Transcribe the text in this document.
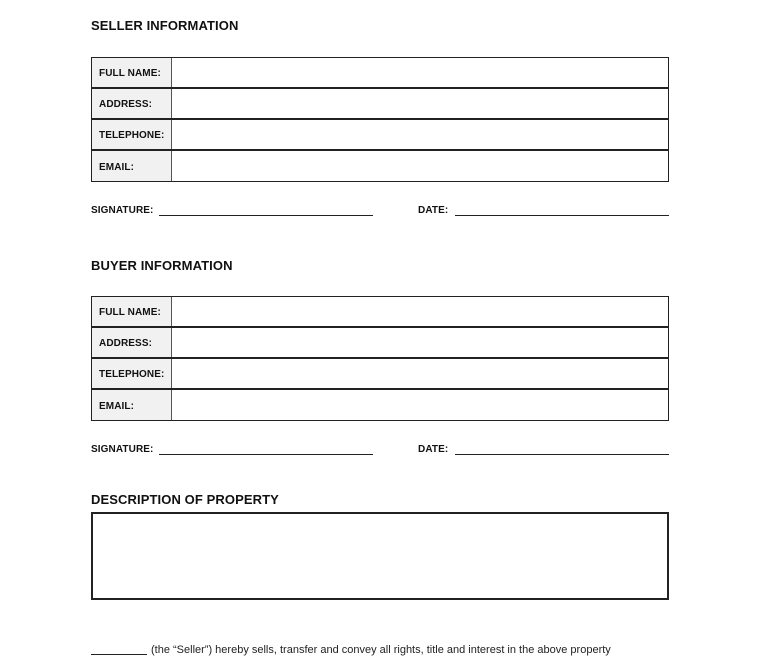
SELLER INFORMATION
FULL NAME:
ADDRESS:
TELEPHONE:
EMAIL:
SIGNATURE:	DATE:
BUYER INFORMATION
FULL NAME:
ADDRESS:
TELEPHONE:
EMAIL:
SIGNATURE:	DATE:
DESCRIPTION OF PROPERTY
(the “Seller”) hereby sells, transfer and convey all rights, title and interest in the above property
